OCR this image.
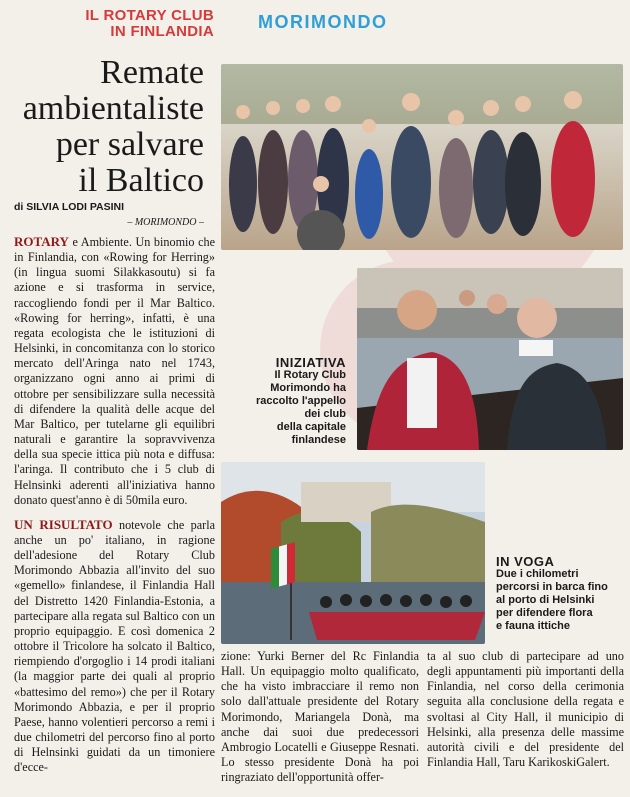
IL ROTARY CLUB
IN FINLANDIA MORIMONDO
Remate
ambientaliste
per salvare
il Baltico
di SILVIA LODI PASINI
– MORIMONDO –

ROTARY e Ambiente. Un binomio che in Finlandia, con «Rowing for Herring» (in lingua suomi Silakkasoutu) si fa azione e si trasforma in service, raccogliendo fondi per il Mar Baltico. «Rowing for herring», infatti, è una regata ecologista che le istituzioni di Helsinki, in concomitanza con lo storico mercato dell'Aringa nato nel 1743, organizzano ogni anno ai primi di ottobre per sensibilizzare sulla necessità di difendere la qualità delle acque del Mar Baltico, per tutelarne gli equilibri naturali e garantire la sopravvivenza della sua specie ittica più nota e diffusa: l'aringa. Il contributo che i 5 club di Helnsinki aderenti all'iniziativa hanno donato quest'anno è di 50mila euro.

UN RISULTATO notevole che parla anche un po' italiano, in ragione dell'adesione del Rotary Club Morimondo Abbazia all'invito del suo «gemello» finlandese, il Finlandia Hall del Distretto 1420 Finlandia-Estonia, a partecipare alla regata sul Baltico con un proprio equipaggio. E così domenica 2 ottobre il Tricolore ha solcato il Baltico, riempiendo d'orgoglio i 14 prodi italiani (la maggior parte dei quali al proprio «battesimo del remo») che per il Rotary Morimondo Abbazia, e per il proprio Paese, hanno volentieri percorso a remi i due chilometri del percorso fino al porto di Helnsinki guidati da un timoniere d'ecce-

INIZIATIVA
Il Rotary Club
Morimondo ha
raccolto l'appello
dei club
della capitale
finlandese
IN VOGA
Due i chilometri
percorsi in barca fino
al porto di Helsinki
per difendere flora
e fauna ittiche
zione: Yurki Berner del Rc Finlandia Hall. Un equipaggio molto qualificato, che ha visto imbracciare il remo non solo dall'attuale presidente del Rotary Morimondo, Mariangela Donà, ma anche dai suoi due predecessori Ambrogio Locatelli e Giuseppe Resnati. Lo stesso presidente Donà ha poi ringraziato dell'opportunità offer-
ta al suo club di partecipare ad uno degli appuntamenti più importanti della Finlandia, nel corso della cerimonia seguita alla conclusione della regata e svoltasi al City Hall, il municipio di Helsinki, alla presenza delle massime autorità civili e del presidente del Finlandia Hall, Taru KarikoskiGalert.
